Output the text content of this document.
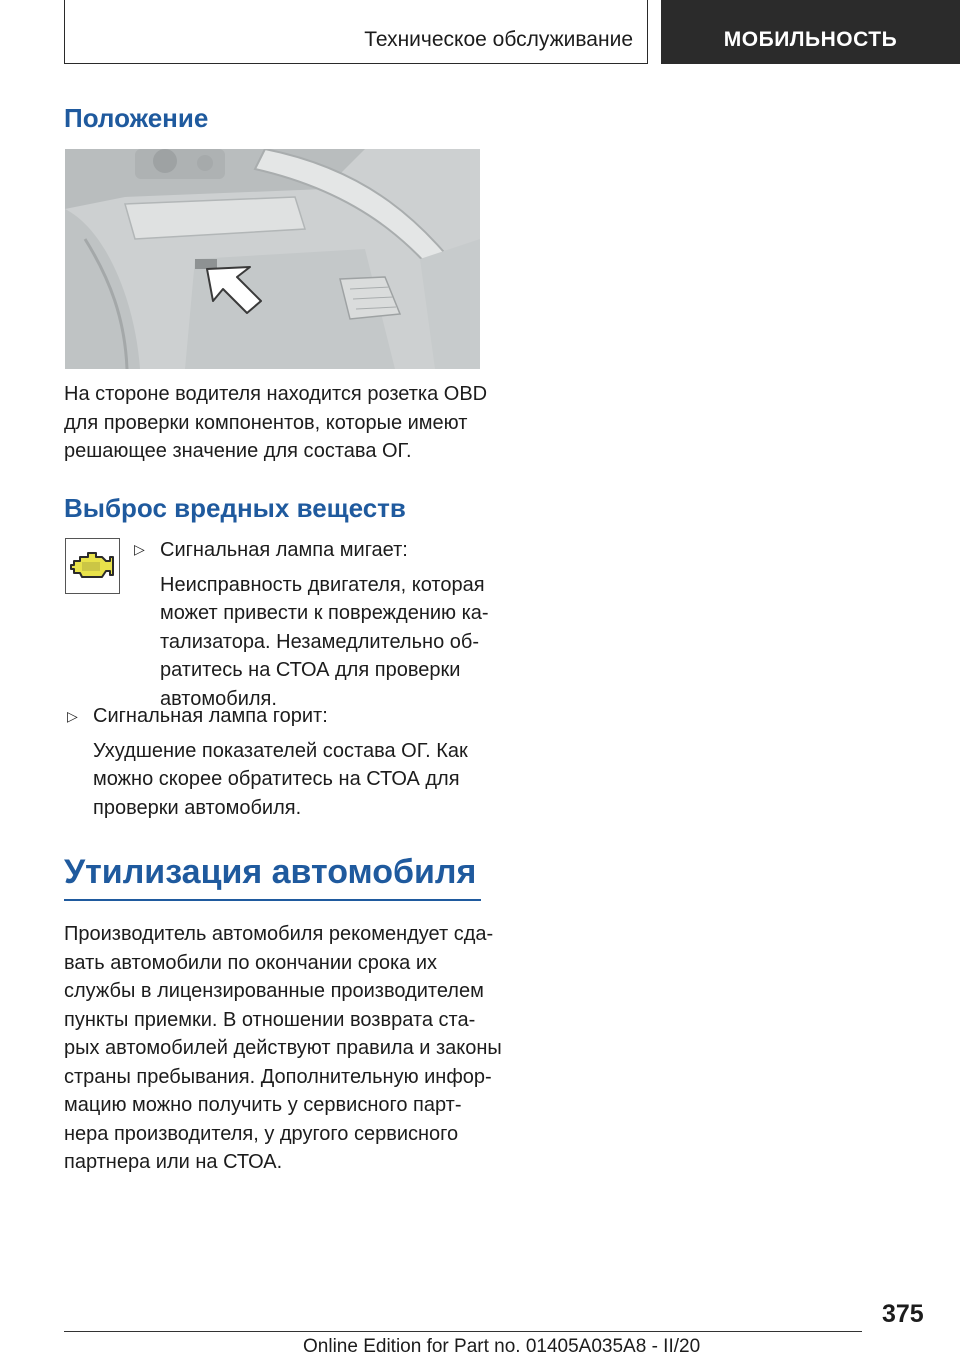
Техническое обслуживание	МОБИЛЬНОСТЬ
Положение
На стороне водителя находится розетка OBD
для проверки компонентов, которые имеют
решающее значение для состава ОГ.
Выброс вредных веществ
▷ Сигнальная лампа мигает:
Неисправность двигателя, которая
может привести к повреждению ка-
тализатора. Незамедлительно об-
ратитесь на СТОА для проверки
автомобиля.
▷ Сигнальная лампа горит:
Ухудшение показателей состава ОГ. Как
можно скорее обратитесь на СТОА для
проверки автомобиля.
Утилизация автомобиля
Производитель автомобиля рекомендует сда-
вать автомобили по окончании срока их
службы в лицензированные производителем
пункты приемки. В отношении возврата ста-
рых автомобилей действуют правила и законы
страны пребывания. Дополнительную инфор-
мацию можно получить у сервисного парт-
нера производителя, у другого сервисного
партнера или на СТОА.
375
Online Edition for Part no. 01405A035A8 - II/20
